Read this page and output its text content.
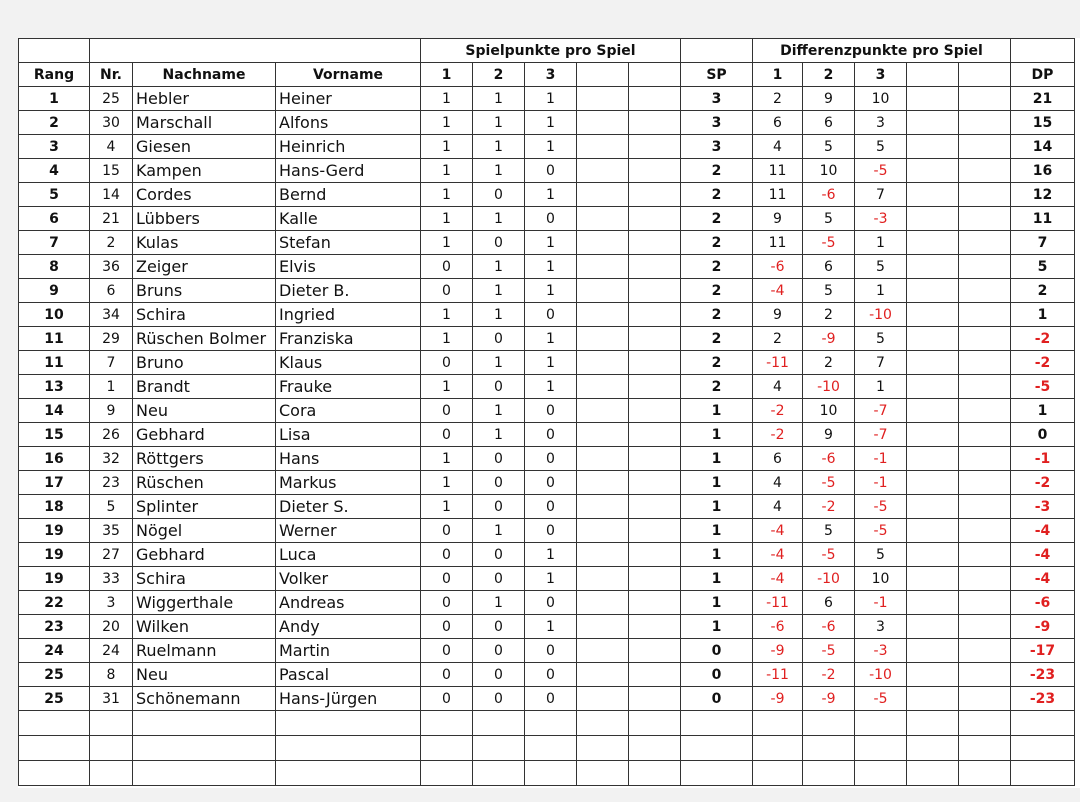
				Spielpunkte pro Spiel						Differenzpunkte pro Spiel					
Rang	Nr.	Nachname	Vorname	1	2	3			SP	1	2	3			DP
1	25	Hebler	Heiner	1	1	1			3	2	9	10			21
2	30	Marschall	Alfons	1	1	1			3	6	6	3			15
3	4	Giesen	Heinrich	1	1	1			3	4	5	5			14
4	15	Kampen	Hans-Gerd	1	1	0			2	11	10	-5			16
5	14	Cordes	Bernd	1	0	1			2	11	-6	7			12
6	21	Lübbers	Kalle	1	1	0			2	9	5	-3			11
7	2	Kulas	Stefan	1	0	1			2	11	-5	1			7
8	36	Zeiger	Elvis	0	1	1			2	-6	6	5			5
9	6	Bruns	Dieter B.	0	1	1			2	-4	5	1			2
10	34	Schira	Ingried	1	1	0			2	9	2	-10			1
11	29	Rüschen Bolmer	Franziska	1	0	1			2	2	-9	5			-2
11	7	Bruno	Klaus	0	1	1			2	-11	2	7			-2
13	1	Brandt	Frauke	1	0	1			2	4	-10	1			-5
14	9	Neu	Cora	0	1	0			1	-2	10	-7			1
15	26	Gebhard	Lisa	0	1	0			1	-2	9	-7			0
16	32	Röttgers	Hans	1	0	0			1	6	-6	-1			-1
17	23	Rüschen	Markus	1	0	0			1	4	-5	-1			-2
18	5	Splinter	Dieter S.	1	0	0			1	4	-2	-5			-3
19	35	Nögel	Werner	0	1	0			1	-4	5	-5			-4
19	27	Gebhard	Luca	0	0	1			1	-4	-5	5			-4
19	33	Schira	Volker	0	0	1			1	-4	-10	10			-4
22	3	Wiggerthale	Andreas	0	1	0			1	-11	6	-1			-6
23	20	Wilken	Andy	0	0	1			1	-6	-6	3			-9
24	24	Ruelmann	Martin	0	0	0			0	-9	-5	-3			-17
25	8	Neu	Pascal	0	0	0			0	-11	-2	-10			-23
25	31	Schönemann	Hans-Jürgen	0	0	0			0	-9	-9	-5			-23
